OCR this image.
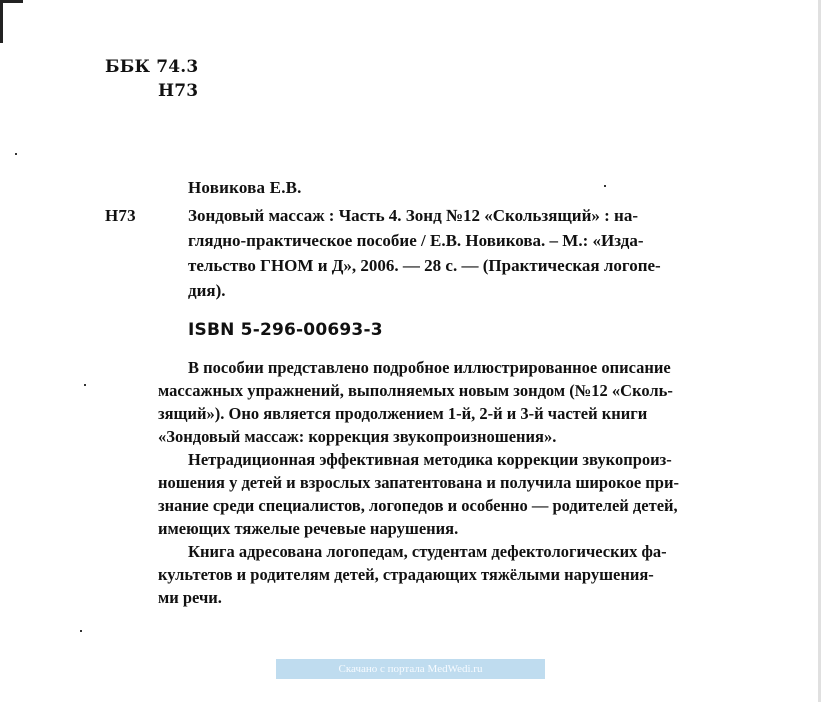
ББК 74.3
Н73
Новикова Е.В.
Н73	Зондовый массаж : Часть 4. Зонд №12 «Скользящий» : на-
глядно-практическое пособие / Е.В. Новикова. – М.: «Изда-
тельство ГНОМ и Д», 2006. — 28 с. — (Практическая логопе-
дия).
ISBN 5-296-00693-3
В пособии представлено подробное иллюстрированное описание
массажных упражнений, выполняемых новым зондом (№12 «Сколь-
зящий»). Оно является продолжением 1-й, 2-й и 3-й частей книги
«Зондовый массаж: коррекция звукопроизношения».
Нетрадиционная эффективная методика коррекции звукопроиз-
ношения у детей и взрослых запатентована и получила широкое при-
знание среди специалистов, логопедов и особенно — родителей детей,
имеющих тяжелые речевые нарушения.
Книга адресована логопедам, студентам дефектологических фа-
культетов и родителям детей, страдающих тяжёлыми нарушения-
ми речи.
Скачано с портала MedWedi.ru
